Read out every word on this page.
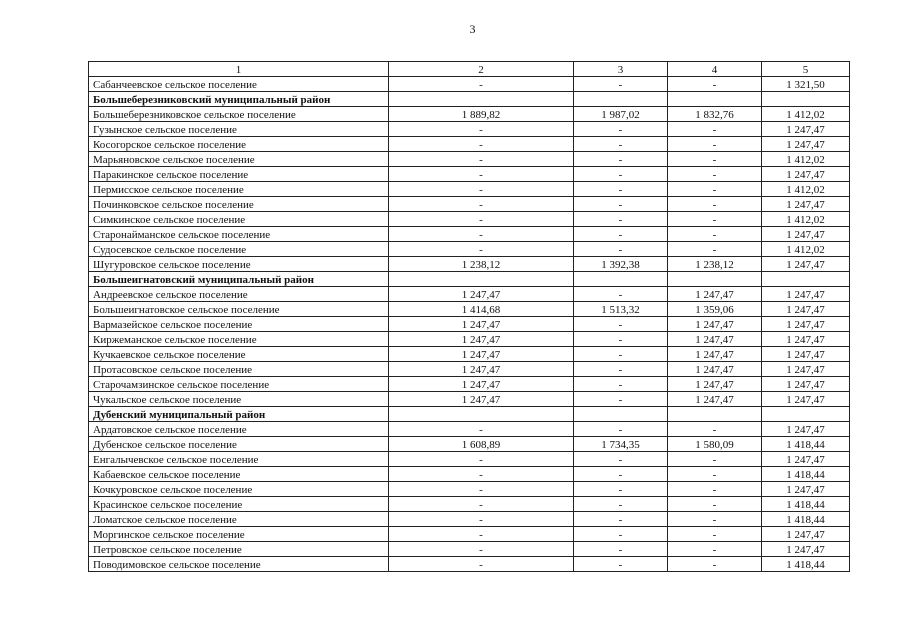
3
1	2	3	4	5
Сабанчеевское сельское поселение	-	-	-	1 321,50
Большеберезниковский муниципальный район				
Большеберезниковское сельское поселение	1 889,82	1 987,02	1 832,76	1 412,02
Гузынское сельское поселение	-	-	-	1 247,47
Косогорское сельское поселение	-	-	-	1 247,47
Марьяновское сельское поселение	-	-	-	1 412,02
Паракинское сельское поселение	-	-	-	1 247,47
Пермисское сельское поселение	-	-	-	1 412,02
Починковское сельское поселение	-	-	-	1 247,47
Симкинское сельское поселение	-	-	-	1 412,02
Старонайманское сельское поселение	-	-	-	1 247,47
Судосевское сельское поселение	-	-	-	1 412,02
Шугуровское сельское поселение	1 238,12	1 392,38	1 238,12	1 247,47
Большеигнатовский муниципальный район				
Андреевское сельское поселение	1 247,47	-	1 247,47	1 247,47
Большеигнатовское сельское поселение	1 414,68	1 513,32	1 359,06	1 247,47
Вармазейское сельское поселение	1 247,47	-	1 247,47	1 247,47
Киржеманское сельское поселение	1 247,47	-	1 247,47	1 247,47
Кучкаевское сельское поселение	1 247,47	-	1 247,47	1 247,47
Протасовское сельское поселение	1 247,47	-	1 247,47	1 247,47
Старочамзинское сельское поселение	1 247,47	-	1 247,47	1 247,47
Чукальское сельское поселение	1 247,47	-	1 247,47	1 247,47
Дубенский муниципальный район				
Ардатовское сельское поселение	-	-	-	1 247,47
Дубенское сельское поселение	1 608,89	1 734,35	1 580,09	1 418,44
Енгалычевское сельское поселение	-	-	-	1 247,47
Кабаевское сельское поселение	-	-	-	1 418,44
Кочкуровское сельское поселение	-	-	-	1 247,47
Красинское сельское поселение	-	-	-	1 418,44
Ломатское сельское поселение	-	-	-	1 418,44
Моргинское сельское поселение	-	-	-	1 247,47
Петровское сельское поселение	-	-	-	1 247,47
Поводимовское сельское поселение	-	-	-	1 418,44
